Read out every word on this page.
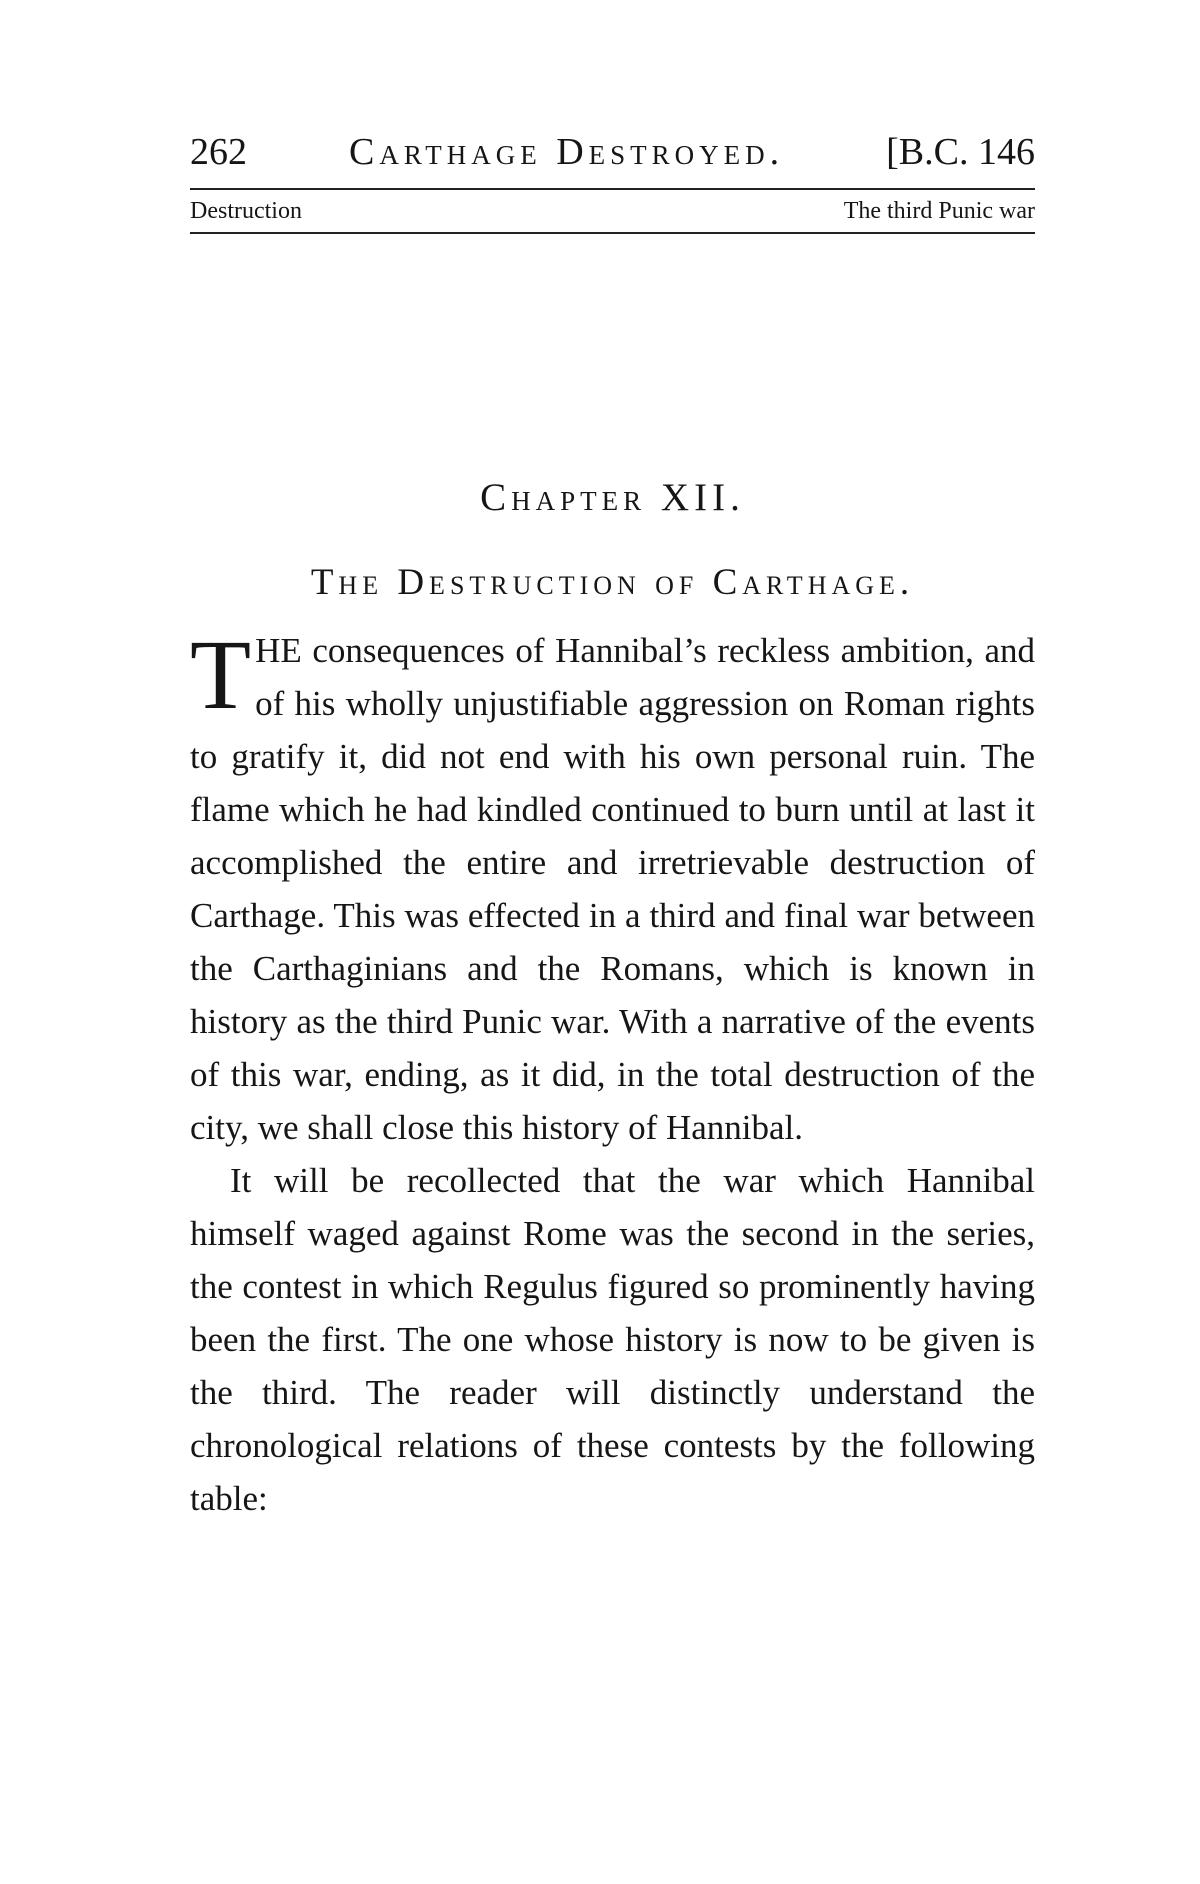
262	Carthage Destroyed.	[B.C. 146
Destruction	The third Punic war
Chapter XII.
The Destruction of Carthage.

THE consequences of Hannibal’s reckless ambition, and of his wholly unjustifiable aggression on Roman rights to gratify it, did not end with his own personal ruin. The flame which he had kindled continued to burn until at last it accomplished the entire and irretrievable destruction of Carthage. This was effected in a third and final war between the Carthaginians and the Romans, which is known in history as the third Punic war. With a narrative of the events of this war, ending, as it did, in the total destruction of the city, we shall close this history of Hannibal.

It will be recollected that the war which Hannibal himself waged against Rome was the second in the series, the contest in which Regulus figured so prominently having been the first. The one whose history is now to be given is the third. The reader will distinctly understand the chronological relations of these contests by the following table:
